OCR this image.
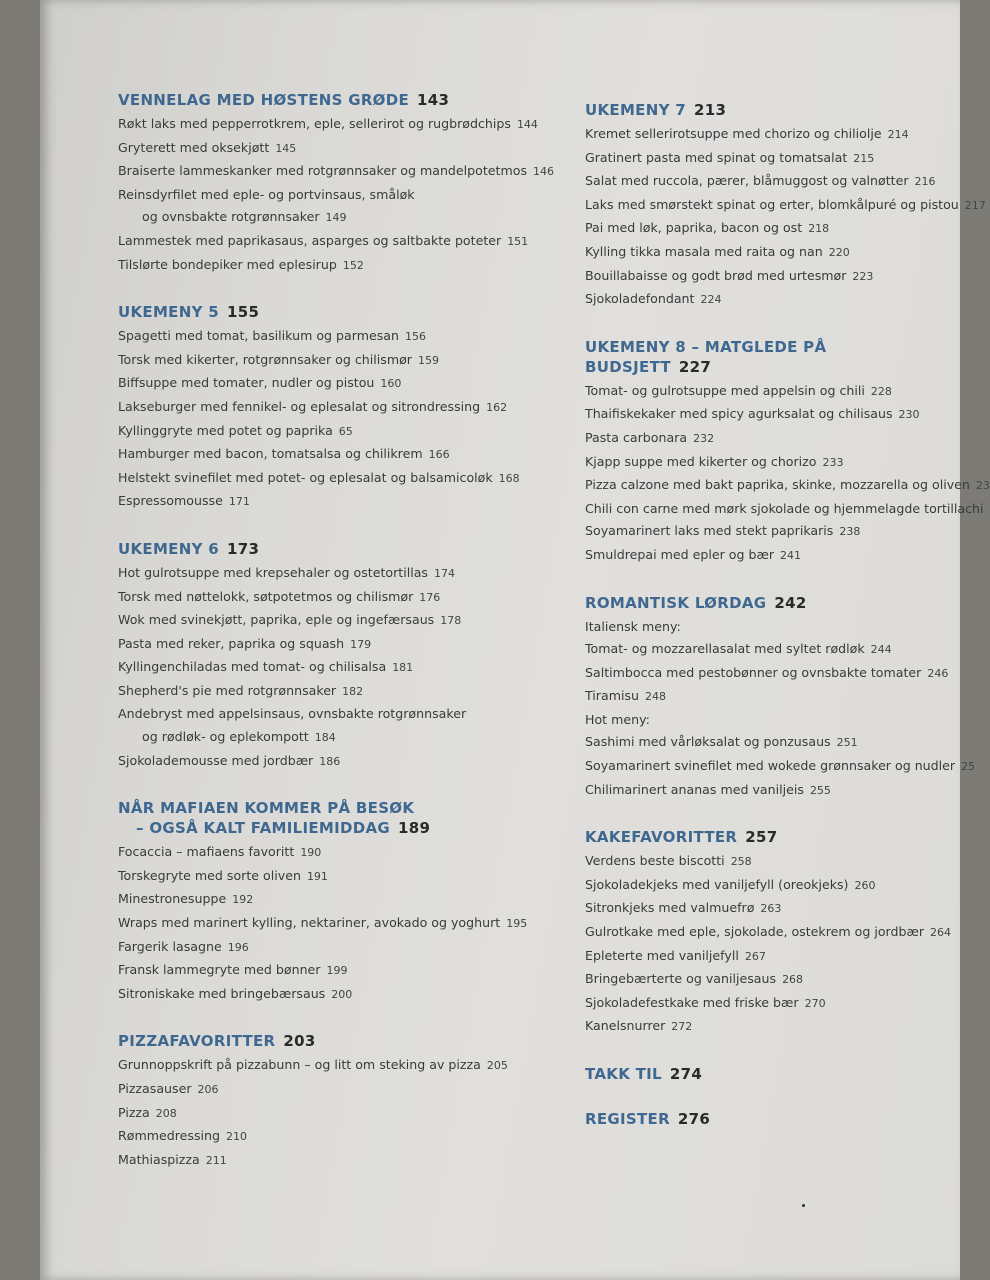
VENNELAG MED HØSTENS GRØDE 143
Røkt laks med pepperrotkrem, eple, sellerirot og rugbrødchips 144
Gryterett med oksekjøtt 145
Braiserte lammeskanker med rotgrønnsaker og mandelpotetmos 146
Reinsdyrfilet med eple- og portvinsaus, småløk
og ovnsbakte rotgrønnsaker 149
Lammestek med paprikasaus, asparges og saltbakte poteter 151
Tilslørte bondepiker med eplesirup 152
UKEMENY 5 155
Spagetti med tomat, basilikum og parmesan 156
Torsk med kikerter, rotgrønnsaker og chilismør 159
Biffsuppe med tomater, nudler og pistou 160
Lakseburger med fennikel- og eplesalat og sitrondressing 162
Kyllinggryte med potet og paprika 65
Hamburger med bacon, tomatsalsa og chilikrem 166
Helstekt svinefilet med potet- og eplesalat og balsamicoløk 168
Espressomousse 171
UKEMENY 6 173
Hot gulrotsuppe med krepsehaler og ostetortillas 174
Torsk med nøttelokk, søtpotetmos og chilismør 176
Wok med svinekjøtt, paprika, eple og ingefærsaus 178
Pasta med reker, paprika og squash 179
Kyllingenchiladas med tomat- og chilisalsa 181
Shepherd's pie med rotgrønnsaker 182
Andebryst med appelsinsaus, ovnsbakte rotgrønnsaker
og rødløk- og eplekompott 184
Sjokolademousse med jordbær 186
NÅR MAFIAEN KOMMER PÅ BESØK
– OGSÅ KALT FAMILIEMIDDAG 189
Focaccia – mafiaens favoritt 190
Torskegryte med sorte oliven 191
Minestronesuppe 192
Wraps med marinert kylling, nektariner, avokado og yoghurt 195
Fargerik lasagne 196
Fransk lammegryte med bønner 199
Sitroniskake med bringebærsaus 200
PIZZAFAVORITTER 203
Grunnoppskrift på pizzabunn – og litt om steking av pizza 205
Pizzasauser 206
Pizza 208
Rømmedressing 210
Mathiaspizza 211
UKEMENY 7 213
Kremet sellerirotsuppe med chorizo og chiliolje 214
Gratinert pasta med spinat og tomatsalat 215
Salat med ruccola, pærer, blåmuggost og valnøtter 216
Laks med smørstekt spinat og erter, blomkålpuré og pistou 217
Pai med løk, paprika, bacon og ost 218
Kylling tikka masala med raita og nan 220
Bouillabaisse og godt brød med urtesmør 223
Sjokoladefondant 224
UKEMENY 8 – MATGLEDE PÅ BUDSJETT 227
Tomat- og gulrotsuppe med appelsin og chili 228
Thaifiskekaker med spicy agurksalat og chilisaus 230
Pasta carbonara 232
Kjapp suppe med kikerter og chorizo 233
Pizza calzone med bakt paprika, skinke, mozzarella og oliven 23
Chili con carne med mørk sjokolade og hjemmelagde tortillachi
Soyamarinert laks med stekt paprikaris 238
Smuldrepai med epler og bær 241
ROMANTISK LØRDAG 242
Italiensk meny:
Tomat- og mozzarellasalat med syltet rødløk 244
Saltimbocca med pestobønner og ovnsbakte tomater 246
Tiramisu 248
Hot meny:
Sashimi med vårløksalat og ponzusaus 251
Soyamarinert svinefilet med wokede grønnsaker og nudler 25
Chilimarinert ananas med vaniljeis 255
KAKEFAVORITTER 257
Verdens beste biscotti 258
Sjokoladekjeks med vaniljefyll (oreokjeks) 260
Sitronkjeks med valmuefrø 263
Gulrotkake med eple, sjokolade, ostekrem og jordbær 264
Epleterte med vaniljefyll 267
Bringebærterte og vaniljesaus 268
Sjokoladefestkake med friske bær 270
Kanelsnurrer 272
TAKK TIL 274
REGISTER 276
